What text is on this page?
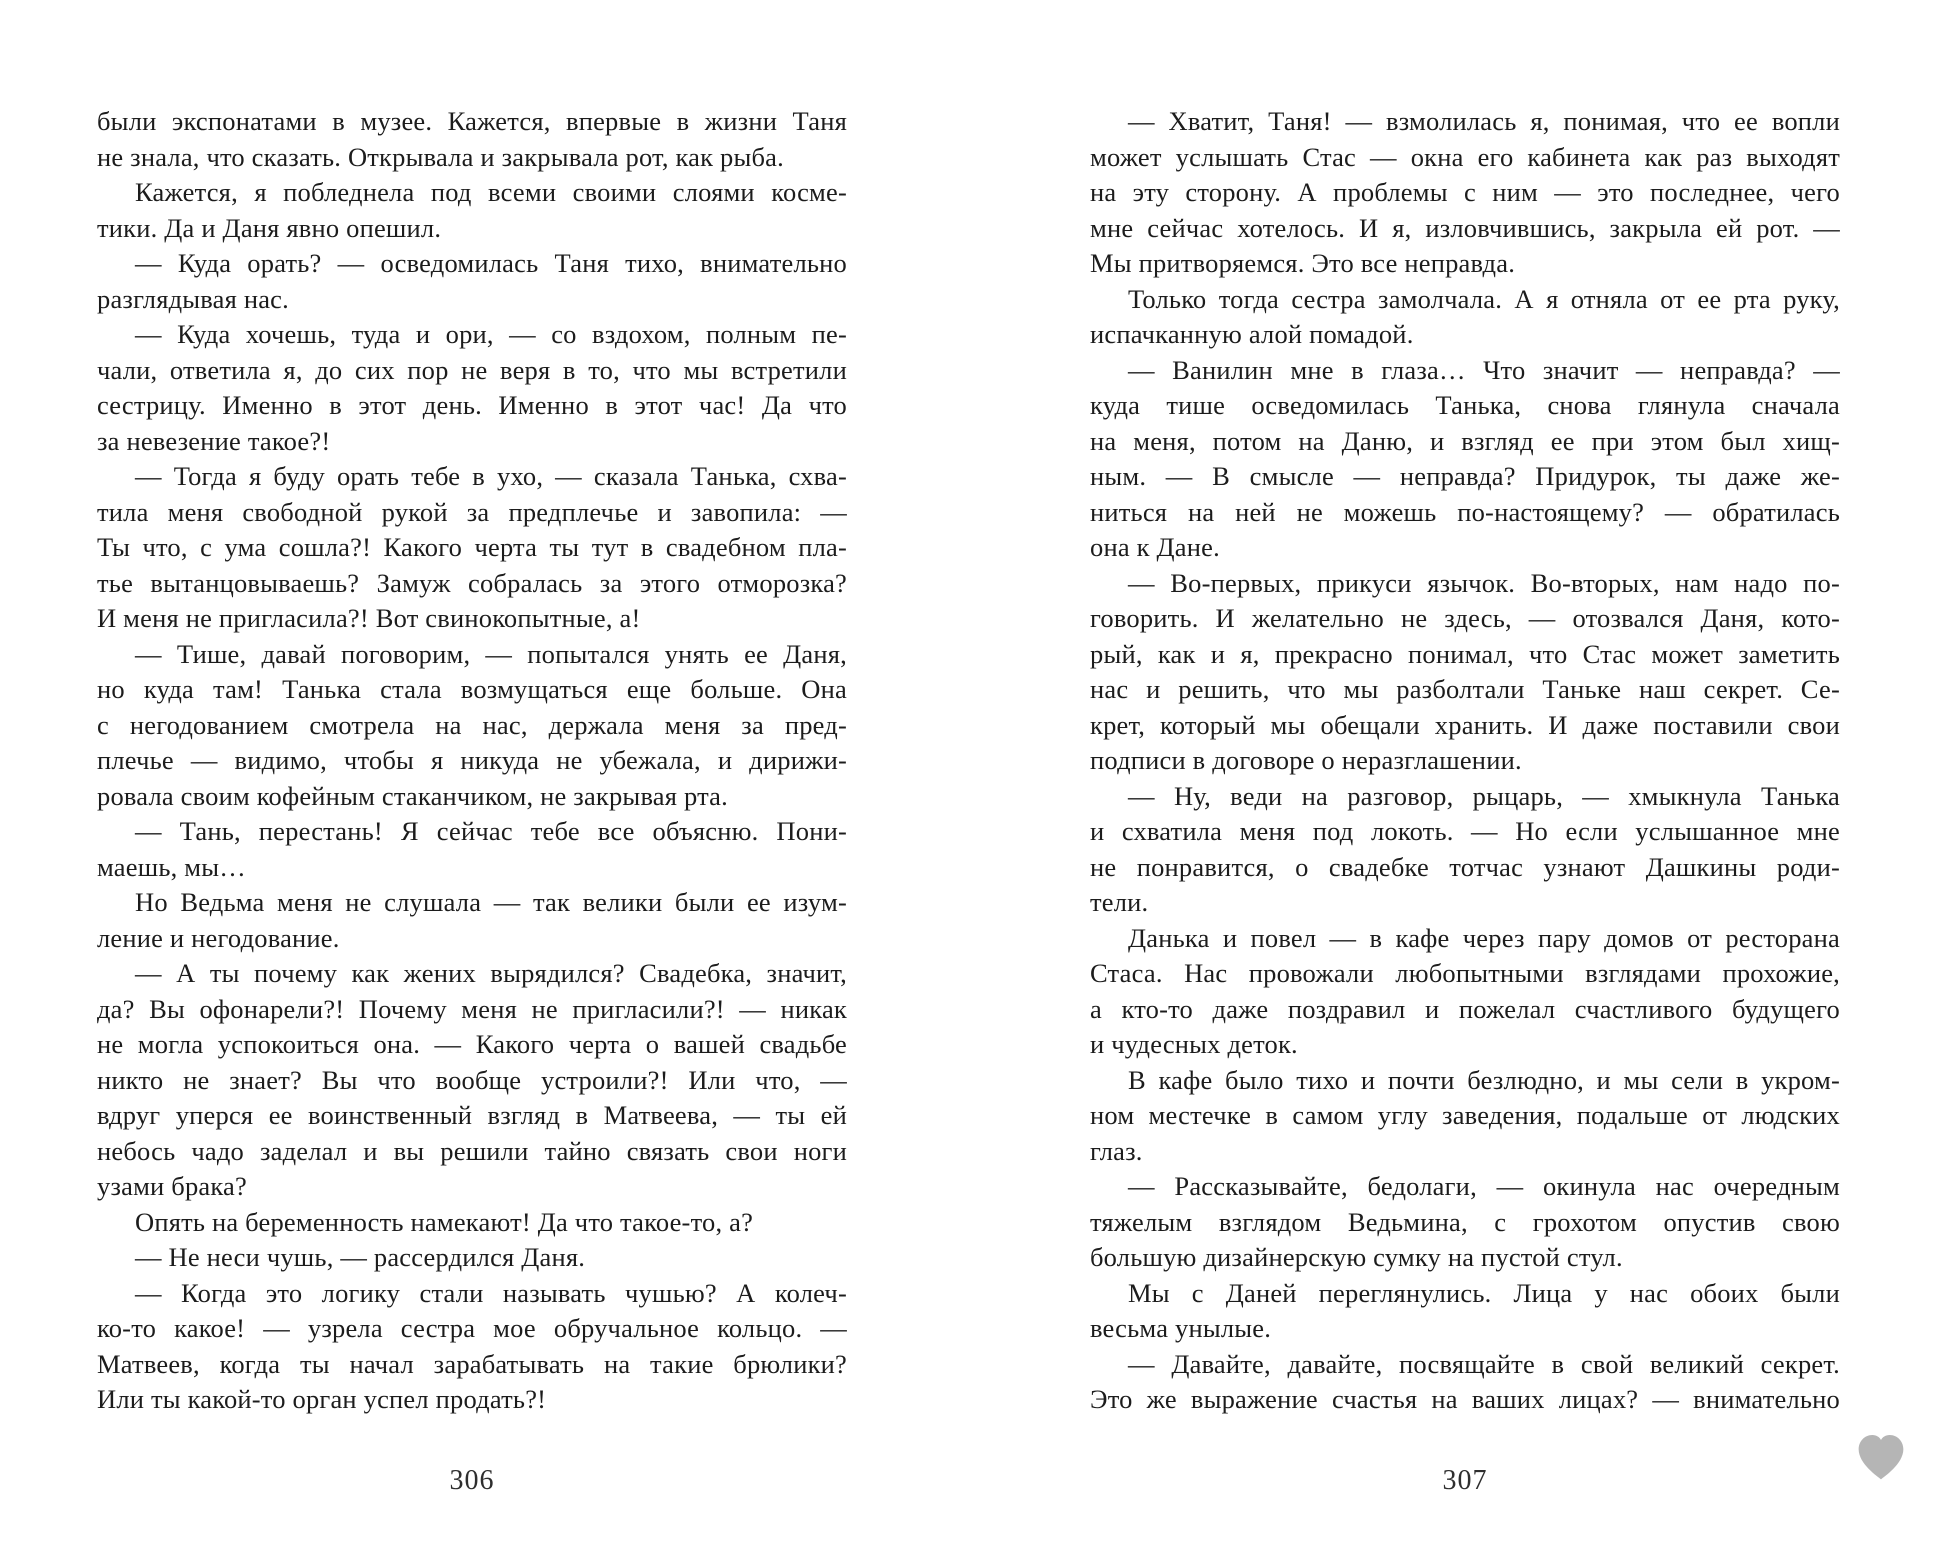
были экспонатами в музее. Кажется, впервые в жизни Таня
не знала, что сказать. Открывала и закрывала рот, как рыба.
Кажется, я побледнела под всеми своими слоями косме-
тики. Да и Даня явно опешил.
— Куда орать? — осведомилась Таня тихо, внимательно
разглядывая нас.
— Куда хочешь, туда и ори, — со вздохом, полным пе-
чали, ответила я, до сих пор не веря в то, что мы встретили
сестрицу. Именно в этот день. Именно в этот час! Да что
за невезение такое?!
— Тогда я буду орать тебе в ухо, — сказала Танька, схва-
тила меня свободной рукой за предплечье и завопила: —
Ты что, с ума сошла?! Какого черта ты тут в свадебном пла-
тье вытанцовываешь? Замуж собралась за этого отморозка?
И меня не пригласила?! Вот свинокопытные, а!
— Тише, давай поговорим, — попытался унять ее Даня,
но куда там! Танька стала возмущаться еще больше. Она
с негодованием смотрела на нас, держала меня за пред-
плечье — видимо, чтобы я никуда не убежала, и дирижи-
ровала своим кофейным стаканчиком, не закрывая рта.
— Тань, перестань! Я сейчас тебе все объясню. Пони-
маешь, мы…
Но Ведьма меня не слушала — так велики были ее изум-
ление и негодование.
— А ты почему как жених вырядился? Свадебка, значит,
да? Вы офонарели?! Почему меня не пригласили?! — никак
не могла успокоиться она. — Какого черта о вашей свадьбе
никто не знает? Вы что вообще устроили?! Или что, —
вдруг уперся ее воинственный взгляд в Матвеева, — ты ей
небось чадо заделал и вы решили тайно связать свои ноги
узами брака?
Опять на беременность намекают! Да что такое-то, а?
— Не неси чушь, — рассердился Даня.
— Когда это логику стали называть чушью? А колеч-
ко-то какое! — узрела сестра мое обручальное кольцо. —
Матвеев, когда ты начал зарабатывать на такие брюлики?
Или ты какой-то орган успел продать?!
306
— Хватит, Таня! — взмолилась я, понимая, что ее вопли
может услышать Стас — окна его кабинета как раз выходят
на эту сторону. А проблемы с ним — это последнее, чего
мне сейчас хотелось. И я, изловчившись, закрыла ей рот. —
Мы притворяемся. Это все неправда.
Только тогда сестра замолчала. А я отняла от ее рта руку,
испачканную алой помадой.
— Ванилин мне в глаза… Что значит — неправда? —
куда тише осведомилась Танька, снова глянула сначала
на меня, потом на Даню, и взгляд ее при этом был хищ-
ным. — В смысле — неправда? Придурок, ты даже же-
ниться на ней не можешь по-настоящему? — обратилась
она к Дане.
— Во-первых, прикуси язычок. Во-вторых, нам надо по-
говорить. И желательно не здесь, — отозвался Даня, кото-
рый, как и я, прекрасно понимал, что Стас может заметить
нас и решить, что мы разболтали Таньке наш секрет. Се-
крет, который мы обещали хранить. И даже поставили свои
подписи в договоре о неразглашении.
— Ну, веди на разговор, рыцарь, — хмыкнула Танька
и схватила меня под локоть. — Но если услышанное мне
не понравится, о свадебке тотчас узнают Дашкины роди-
тели.
Данька и повел — в кафе через пару домов от ресторана
Стаса. Нас провожали любопытными взглядами прохожие,
а кто-то даже поздравил и пожелал счастливого будущего
и чудесных деток.
В кафе было тихо и почти безлюдно, и мы сели в укром-
ном местечке в самом углу заведения, подальше от людских
глаз.
— Рассказывайте, бедолаги, — окинула нас очередным
тяжелым взглядом Ведьмина, с грохотом опустив свою
большую дизайнерскую сумку на пустой стул.
Мы с Даней переглянулись. Лица у нас обоих были
весьма унылые.
— Давайте, давайте, посвящайте в свой великий секрет.
Это же выражение счастья на ваших лицах? — внимательно
307
